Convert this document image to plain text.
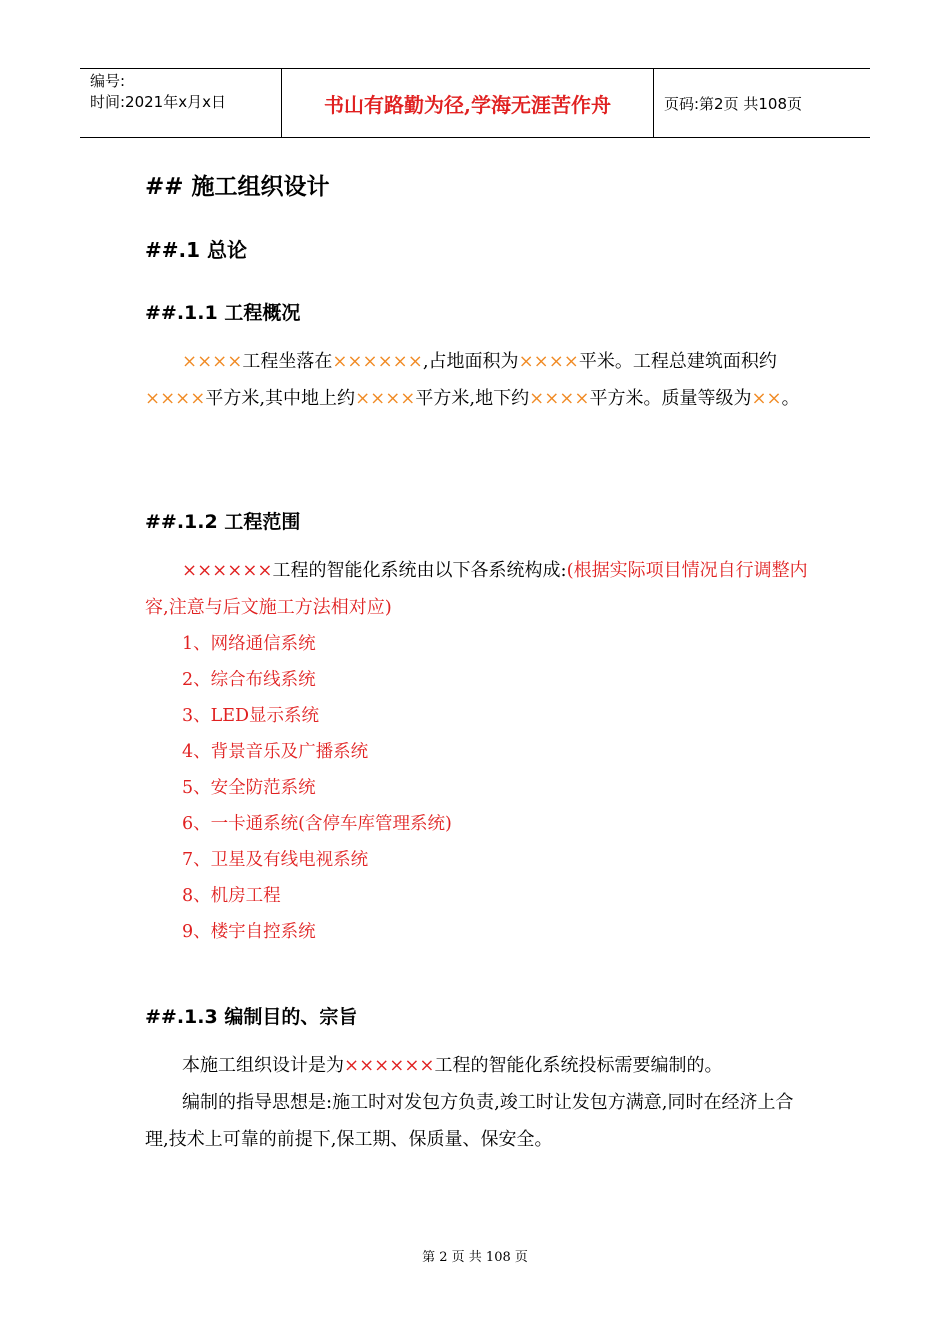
编号:
时间:2021年x月x日	书山有路勤为径,学海无涯苦作舟	页码:第2页 共108页
## 施工组织设计
##.1 总论
##.1.1 工程概况

××××工程坐落在××××××,占地面积为××××平米。工程总建筑面积约××××平方米,其中地上约××××平方米,地下约××××平方米。质量等级为××。

##.1.2 工程范围

××××××工程的智能化系统由以下各系统构成:(根据实际项目情况自行调整内容,注意与后文施工方法相对应)

1、网络通信系统
2、综合布线系统
3、LED显示系统
4、背景音乐及广播系统
5、安全防范系统
6、一卡通系统(含停车库管理系统)
7、卫星及有线电视系统
8、机房工程
9、楼宇自控系统
##.1.3 编制目的、宗旨

本施工组织设计是为××××××工程的智能化系统投标需要编制的。

编制的指导思想是:施工时对发包方负责,竣工时让发包方满意,同时在经济上合理,技术上可靠的前提下,保工期、保质量、保安全。

第 2 页 共 108 页
